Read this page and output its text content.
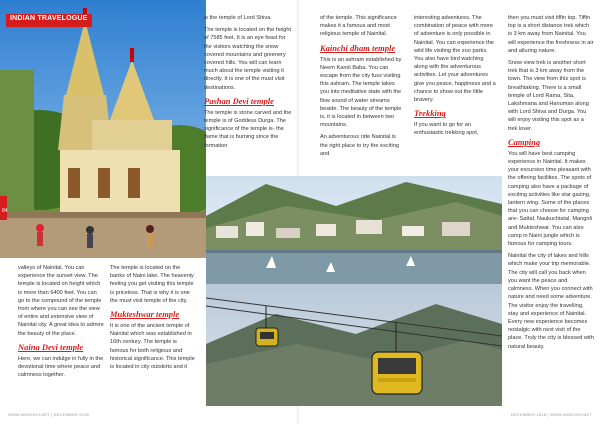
INDIAN TRAVELOGUE
84

valleys of Nainital. You can experience the sunset view. The temple is located on height which is more than 6400 feet. You can go to the compound of the temple from where you can see the view of entire and extensive view of Nainital city. A great idea to admire the beauty of the place.

Naina Devi temple

Here, we can indulge in fully in the devotional time where peace and calmness together.

The temple is located on the banks of Naini lake. The heavenly feeling you get visiting this temple is priceless. That is why it is one the must visit temple of the city.

Mukteshwar temple

It is one of the ancient temple of Nainital which was established in 16th century. The temple is famous for both religious and historical significance. This temple is located in city outskirts and it

is the temple of Lord Shiva.

The temple is located on the height of 7585 feet. It is an eye feast for the visitors watching the snow covered mountains and greenery covered hills. You will can learn much about the temple visiting it directly. It is one of the must visit destinations.

Pashan Devi temple

The temple is stone carved and the temple is of Goddess Durga. The significance of the temple is- the flame that is burning since the formation

WWW.WINGSHI.NET | DECEMBER 2018

of the temple. This significance makes it a famous and most religious temple of Nainital.

Kainchi dham temple

This is an ashram established by Neem Karoli Baba. You can escape from the city fuss visiting this ashram. The temple takes you into meditative state with the flow sound of water streams beside. The beauty of the temple is, it is located in between two mountains.

An adventurous ride Nainital is the right place to try the exciting and

interesting adventures. The combination of peace with more of adventure is only possible in Nainital. You can experience the wild life visiting the zoo parks. You also have bird watching along with the adventurous activities. Let your adventures give you peace, happiness and a chance to show out the little bravery.

Trekking

If you want to go for an enthusiastic trekking spot,

then you must visit tiffin top. Tiffin top is a short distance trek which is 3 km away from Nainital. You will experience the freshness in air and alluring nature.

Snow view trek is another short trek that is 3 km away from the town. The view from this spot is breathtaking. There is a small temple of Lord Rama, Sita, Lakshmana and Hanuman along with Lord Shiva and Durga. You will enjoy visiting this spot as a trek lover.

Camping

You will have best camping experience in Nainital. It makes your excursion time pleasant with the offering facilities. The spots of camping also have a package of exciting activities like star gazing, lantern wing. Some of the places that you can choose for camping are- Sattal, Naukuchiatal, Mangoli and Mukteshwar. You can also camp in Naini jungle which is famous for camping tours.

Nainital the city of lakes and hills which make your trip memorable. The city will call you back when you want the peace and calmness. When you connect with nature and need some adventure. The visitor enjoy the travelling, stay and experience of Nainital. Every new experience becomes nostalgic with next visit of the place. Truly the city is blessed with natural beauty.

DECEMBER 2018 | WWW.WINGSHI.NET
